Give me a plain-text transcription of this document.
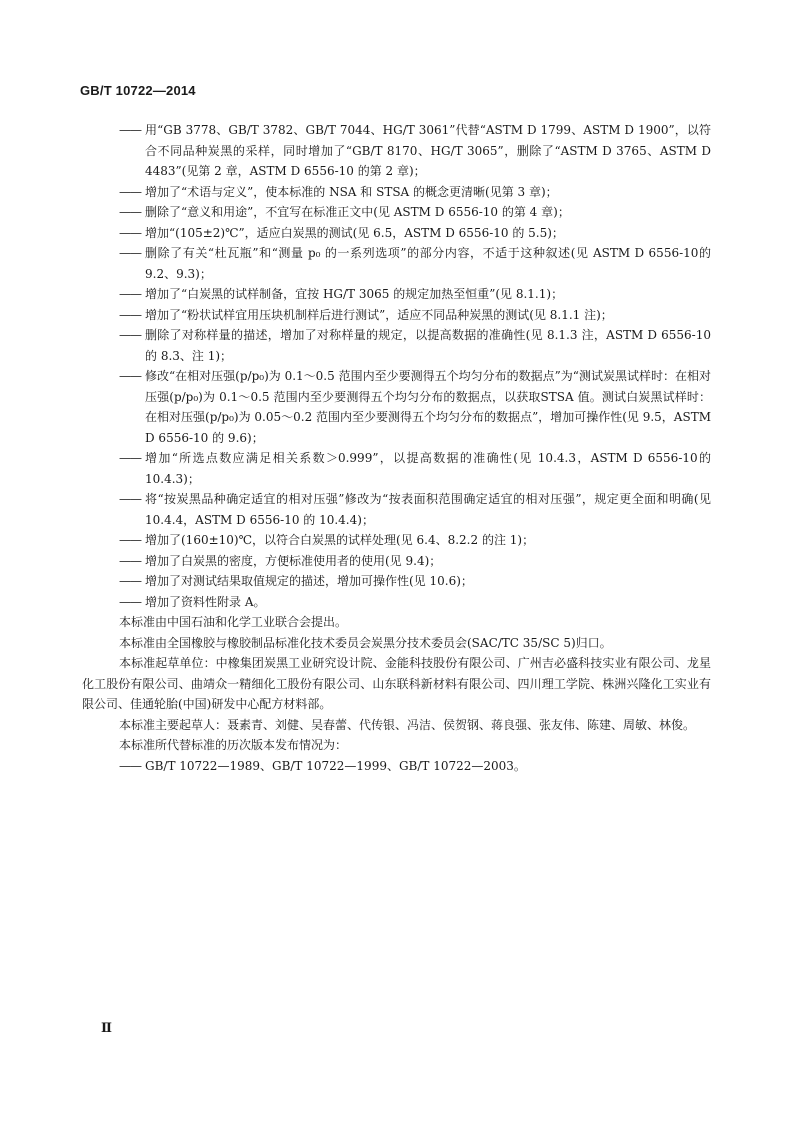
GB/T 10722—2014
—— 用“GB 3778、GB/T 3782、GB/T 7044、HG/T 3061”代替“ASTM D 1799、ASTM D 1900”，以符合不同品种炭黑的采样，同时增加了“GB/T 8170、HG/T 3065”，删除了“ASTM D 3765、ASTM D 4483”(见第 2 章，ASTM D 6556-10 的第 2 章)；
—— 增加了“术语与定义”，使本标准的 NSA 和 STSA 的概念更清晰(见第 3 章)；
—— 删除了“意义和用途”，不宜写在标准正文中(见 ASTM D 6556-10 的第 4 章)；
—— 增加“(105±2)℃”，适应白炭黑的测试(见 6.5，ASTM D 6556-10 的 5.5)；
—— 删除了有关“杜瓦瓶”和“测量 p₀ 的一系列选项”的部分内容，不适于这种叙述(见 ASTM D 6556-10的 9.2、9.3)；
—— 增加了“白炭黑的试样制备，宜按 HG/T 3065 的规定加热至恒重”(见 8.1.1)；
—— 增加了“粉状试样宜用压块机制样后进行测试”，适应不同品种炭黑的测试(见 8.1.1 注)；
—— 删除了对称样量的描述，增加了对称样量的规定，以提高数据的准确性(见 8.1.3 注，ASTM D 6556-10的 8.3、注 1)；
—— 修改“在相对压强(p/p₀)为 0.1～0.5 范围内至少要测得五个均匀分布的数据点”为“测试炭黑试样时：在相对压强(p/p₀)为 0.1～0.5 范围内至少要测得五个均匀分布的数据点，以获取STSA 值。测试白炭黑试样时：在相对压强(p/p₀)为 0.05～0.2 范围内至少要测得五个均匀分布的数据点”，增加可操作性(见 9.5，ASTM D 6556-10 的 9.6)；
—— 增加“所选点数应满足相关系数＞0.999”，以提高数据的准确性(见 10.4.3，ASTM D 6556-10的 10.4.3)；
—— 将“按炭黑品种确定适宜的相对压强”修改为“按表面积范围确定适宜的相对压强”，规定更全面和明确(见 10.4.4，ASTM D 6556-10 的 10.4.4)；
—— 增加了(160±10)℃，以符合白炭黑的试样处理(见 6.4、8.2.2 的注 1)；
—— 增加了白炭黑的密度，方便标准使用者的使用(见 9.4)；
—— 增加了对测试结果取值规定的描述，增加可操作性(见 10.6)；
—— 增加了资料性附录 A。

本标准由中国石油和化学工业联合会提出。

本标准由全国橡胶与橡胶制品标准化技术委员会炭黑分技术委员会(SAC/TC 35/SC 5)归口。

本标准起草单位：中橡集团炭黑工业研究设计院、金能科技股份有限公司、广州吉必盛科技实业有限公司、龙星化工股份有限公司、曲靖众一精细化工股份有限公司、山东联科新材料有限公司、四川理工学院、株洲兴隆化工实业有限公司、佳通轮胎(中国)研发中心配方材料部。

本标准主要起草人：聂素青、刘健、吴春蕾、代传银、冯洁、侯贺钢、蒋良强、张友伟、陈建、周敏、林俊。

本标准所代替标准的历次版本发布情况为：

—— GB/T 10722—1989、GB/T 10722—1999、GB/T 10722—2003。
Ⅱ
